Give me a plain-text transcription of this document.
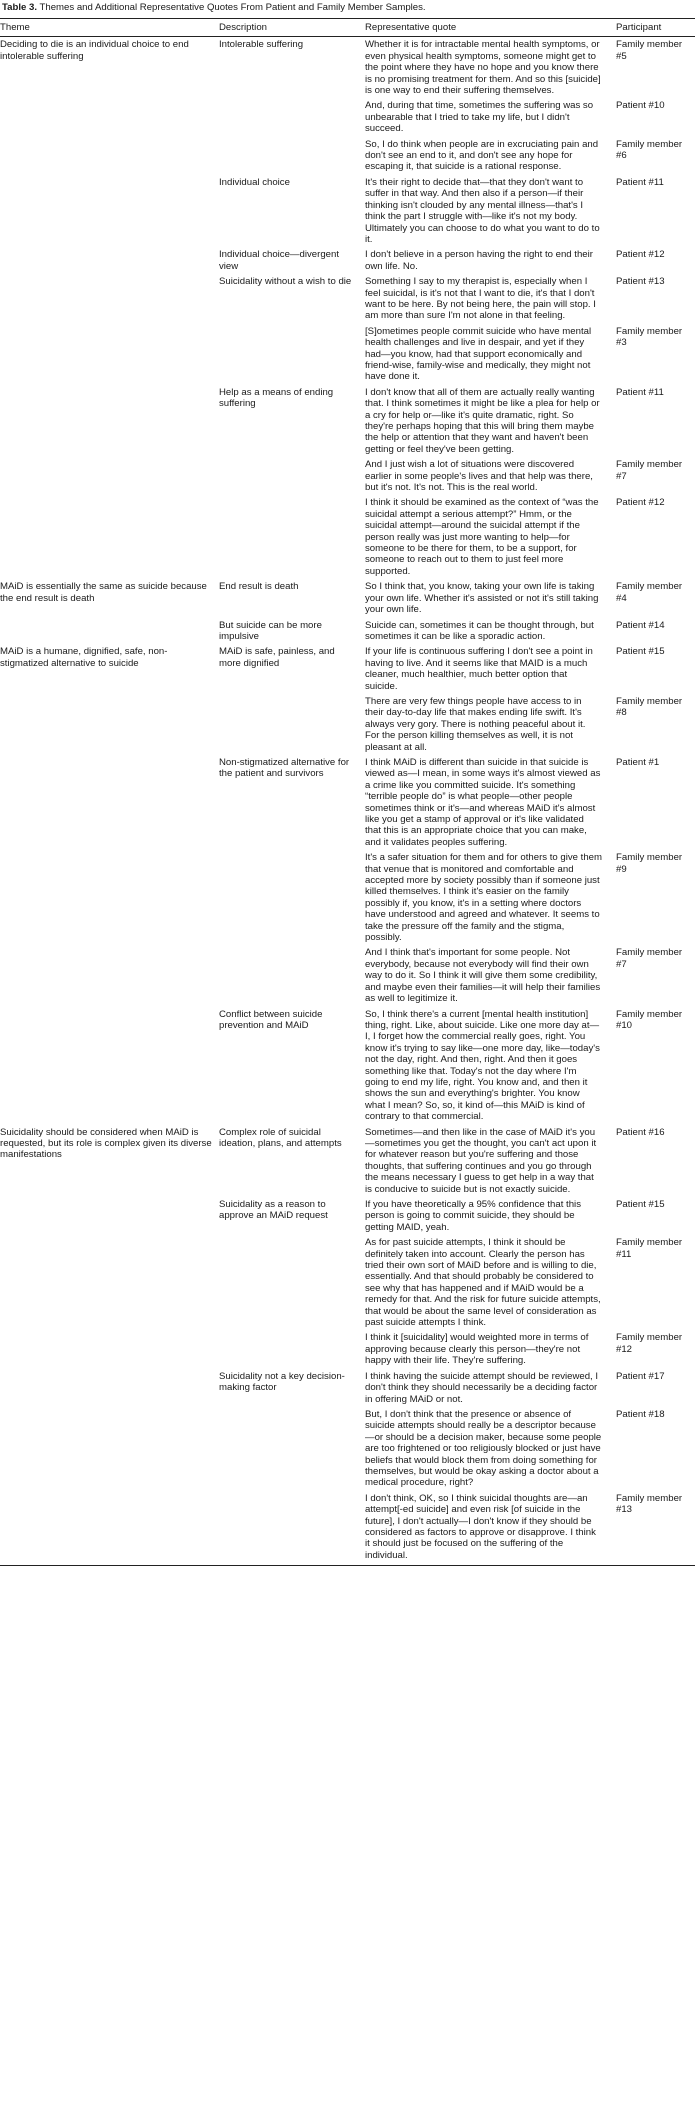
Table 3. Themes and Additional Representative Quotes From Patient and Family Member Samples.
Theme	Description	Representative quote	Participant
Deciding to die is an individual choice to end intolerable suffering	Intolerable suffering	Whether it is for intractable mental health symptoms, or even physical health symptoms, someone might get to the point where they have no hope and you know there is no promising treatment for them. And so this [suicide] is one way to end their suffering themselves.	Family member #5
		And, during that time, sometimes the suffering was so unbearable that I tried to take my life, but I didn't succeed.	Patient #10
		So, I do think when people are in excruciating pain and don't see an end to it, and don't see any hope for escaping it, that suicide is a rational response.	Family member #6
	Individual choice	It's their right to decide that—that they don't want to suffer in that way. And then also if a person—if their thinking isn't clouded by any mental illness—that's I think the part I struggle with—like it's not my body. Ultimately you can choose to do what you want to do to it.	Patient #11
	Individual choice—divergent view	I don't believe in a person having the right to end their own life. No.	Patient #12
	Suicidality without a wish to die	Something I say to my therapist is, especially when I feel suicidal, is it's not that I want to die, it's that I don't want to be here. By not being here, the pain will stop. I am more than sure I'm not alone in that feeling.	Patient #13
		[S]ometimes people commit suicide who have mental health challenges and live in despair, and yet if they had—you know, had that support economically and friend-wise, family-wise and medically, they might not have done it.	Family member #3
	Help as a means of ending suffering	I don't know that all of them are actually really wanting that. I think sometimes it might be like a plea for help or a cry for help or—like it's quite dramatic, right. So they're perhaps hoping that this will bring them maybe the help or attention that they want and haven't been getting or feel they've been getting.	Patient #11
		And I just wish a lot of situations were discovered earlier in some people's lives and that help was there, but it's not. It's not. This is the real world.	Family member #7
		I think it should be examined as the context of “was the suicidal attempt a serious attempt?” Hmm, or the suicidal attempt—around the suicidal attempt if the person really was just more wanting to help—for someone to be there for them, to be a support, for someone to reach out to them to just feel more supported.	Patient #12
MAiD is essentially the same as suicide because the end result is death	End result is death	So I think that, you know, taking your own life is taking your own life. Whether it's assisted or not it's still taking your own life.	Family member #4
	But suicide can be more impulsive	Suicide can, sometimes it can be thought through, but sometimes it can be like a sporadic action.	Patient #14
MAiD is a humane, dignified, safe, non-stigmatized alternative to suicide	MAiD is safe, painless, and more dignified	If your life is continuous suffering I don't see a point in having to live. And it seems like that MAID is a much cleaner, much healthier, much better option that suicide.	Patient #15
		There are very few things people have access to in their day-to-day life that makes ending life swift. It's always very gory. There is nothing peaceful about it. For the person killing themselves as well, it is not pleasant at all.	Family member #8
	Non-stigmatized alternative for the patient and survivors	I think MAiD is different than suicide in that suicide is viewed as—I mean, in some ways it's almost viewed as a crime like you committed suicide. It's something “terrible people do” is what people—other people sometimes think or it's—and whereas MAiD it's almost like you get a stamp of approval or it's like validated that this is an appropriate choice that you can make, and it validates peoples suffering.	Patient #1
		It's a safer situation for them and for others to give them that venue that is monitored and comfortable and accepted more by society possibly than if someone just killed themselves. I think it's easier on the family possibly if, you know, it's in a setting where doctors have understood and agreed and whatever. It seems to take the pressure off the family and the stigma, possibly.	Family member #9
		And I think that's important for some people. Not everybody, because not everybody will find their own way to do it. So I think it will give them some credibility, and maybe even their families—it will help their families as well to legitimize it.	Family member #7
	Conflict between suicide prevention and MAiD	So, I think there's a current [mental health institution] thing, right. Like, about suicide. Like one more day at—I, I forget how the commercial really goes, right. You know it's trying to say like—one more day, like—today's not the day, right. And then, right. And then it goes something like that. Today's not the day where I'm going to end my life, right. You know and, and then it shows the sun and everything's brighter. You know what I mean? So, so, it kind of—this MAiD is kind of contrary to that commercial.	Family member #10
Suicidality should be considered when MAiD is requested, but its role is complex given its diverse manifestations	Complex role of suicidal ideation, plans, and attempts	Sometimes—and then like in the case of MAiD it's you—sometimes you get the thought, you can't act upon it for whatever reason but you're suffering and those thoughts, that suffering continues and you go through the means necessary I guess to get help in a way that is conducive to suicide but is not exactly suicide.	Patient #16
	Suicidality as a reason to approve an MAiD request	If you have theoretically a 95% confidence that this person is going to commit suicide, they should be getting MAID, yeah.	Patient #15
		As for past suicide attempts, I think it should be definitely taken into account. Clearly the person has tried their own sort of MAiD before and is willing to die, essentially. And that should probably be considered to see why that has happened and if MAiD would be a remedy for that. And the risk for future suicide attempts, that would be about the same level of consideration as past suicide attempts I think.	Family member #11
		I think it [suicidality] would weighted more in terms of approving because clearly this person—they're not happy with their life. They're suffering.	Family member #12
	Suicidality not a key decision-making factor	I think having the suicide attempt should be reviewed, I don't think they should necessarily be a deciding factor in offering MAiD or not.	Patient #17
		But, I don't think that the presence or absence of suicide attempts should really be a descriptor because—or should be a decision maker, because some people are too frightened or too religiously blocked or just have beliefs that would block them from doing something for themselves, but would be okay asking a doctor about a medical procedure, right?	Patient #18
		I don't think, OK, so I think suicidal thoughts are—an attempt[-ed suicide] and even risk [of suicide in the future], I don't actually—I don't know if they should be considered as factors to approve or disapprove. I think it should just be focused on the suffering of the individual.	Family member #13
